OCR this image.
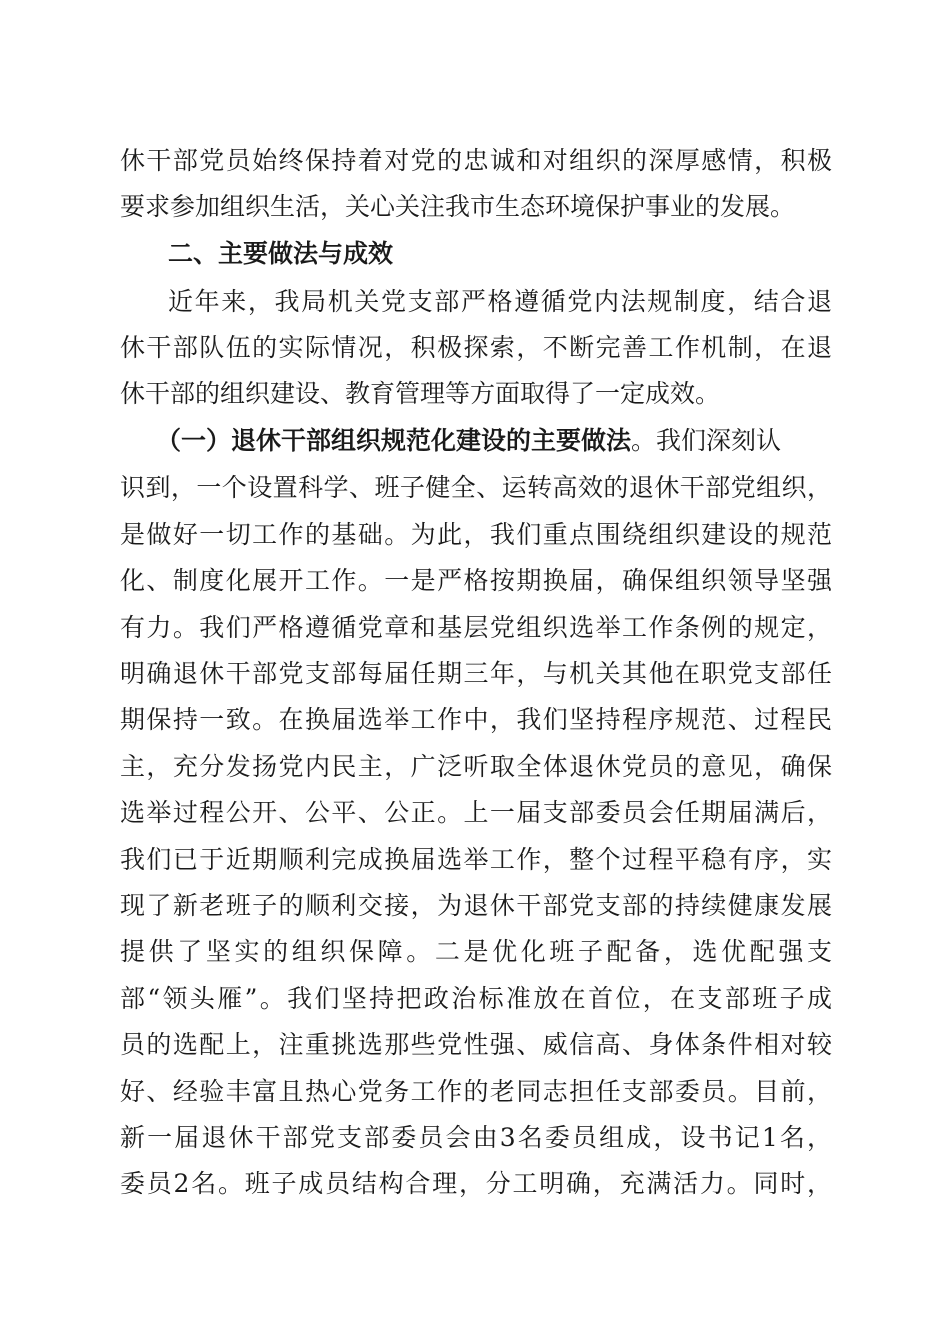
休干部党员始终保持着对党的忠诚和对组织的深厚感情，积极
要求参加组织生活，关心关注我市生态环境保护事业的发展。
二、主要做法与成效
近年来，我局机关党支部严格遵循党内法规制度，结合退
休干部队伍的实际情况，积极探索，不断完善工作机制，在退
休干部的组织建设、教育管理等方面取得了一定成效。
（一）退休干部组织规范化建设的主要做法。我们深刻认
识到，一个设置科学、班子健全、运转高效的退休干部党组织，
是做好一切工作的基础。为此，我们重点围绕组织建设的规范
化、制度化展开工作。一是严格按期换届，确保组织领导坚强
有力。我们严格遵循党章和基层党组织选举工作条例的规定，
明确退休干部党支部每届任期三年，与机关其他在职党支部任
期保持一致。在换届选举工作中，我们坚持程序规范、过程民
主，充分发扬党内民主，广泛听取全体退休党员的意见，确保
选举过程公开、公平、公正。上一届支部委员会任期届满后，
我们已于近期顺利完成换届选举工作，整个过程平稳有序，实
现了新老班子的顺利交接，为退休干部党支部的持续健康发展
提供了坚实的组织保障。二是优化班子配备，选优配强支
部“领头雁”。我们坚持把政治标准放在首位，在支部班子成
员的选配上，注重挑选那些党性强、威信高、身体条件相对较
好、经验丰富且热心党务工作的老同志担任支部委员。目前，
新一届退休干部党支部委员会由3名委员组成，设书记1名，
委员2名。班子成员结构合理，分工明确，充满活力。同时，
